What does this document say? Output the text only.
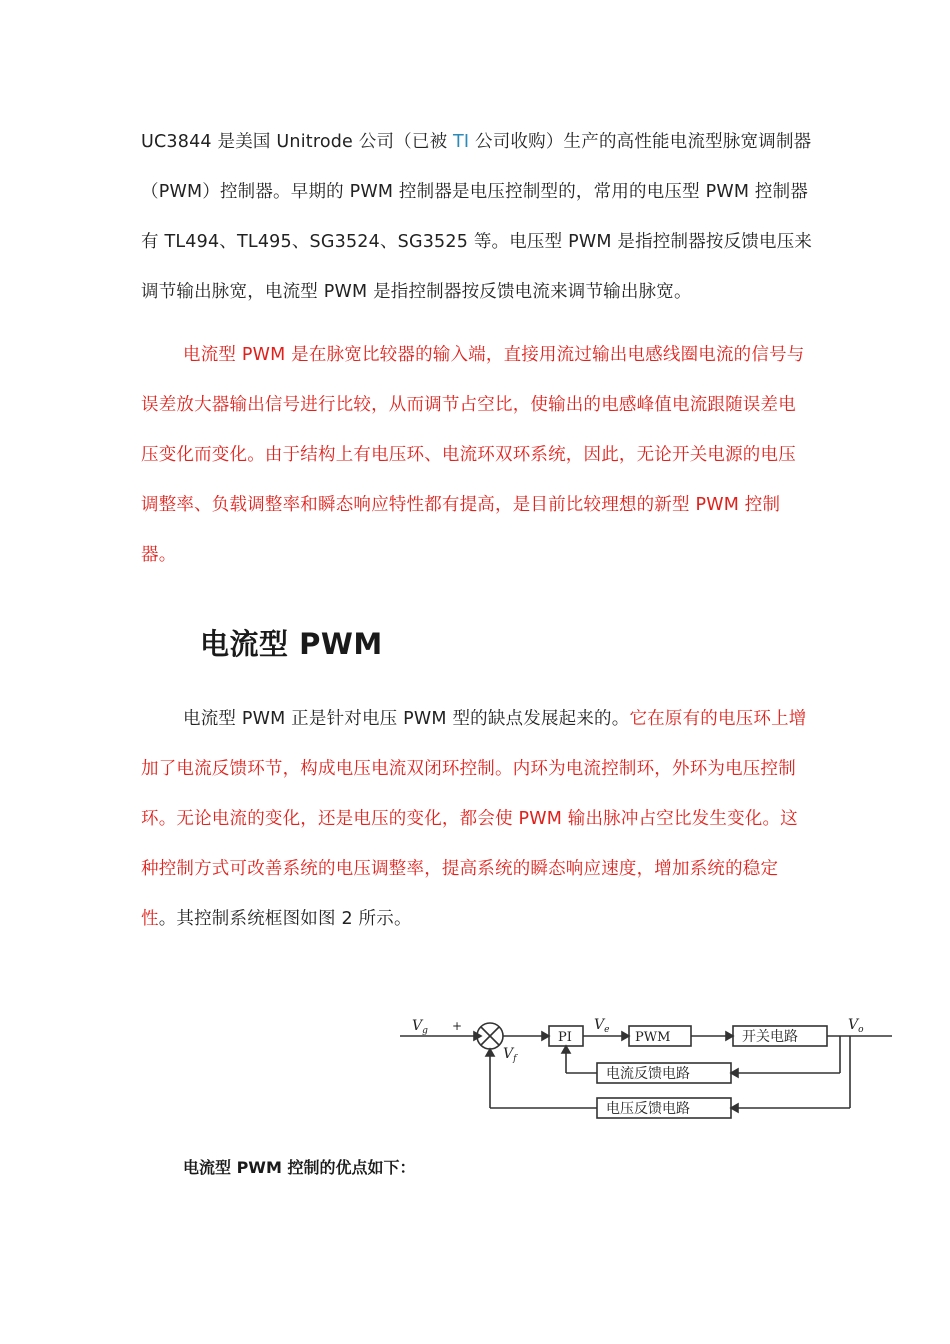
UC3844 是美国 Unitrode 公司（已被 TI 公司收购）生产的高性能电流型脉宽调制器（PWM）控制器。早期的 PWM 控制器是电压控制型的，常用的电压型 PWM 控制器有 TL494、TL495、SG3524、SG3525 等。电压型 PWM 是指控制器按反馈电压来调节输出脉宽，电流型 PWM 是指控制器按反馈电流来调节输出脉宽。

电流型 PWM 是在脉宽比较器的输入端，直接用流过输出电感线圈电流的信号与误差放大器输出信号进行比较，从而调节占空比，使输出的电感峰值电流跟随误差电压变化而变化。由于结构上有电压环、电流环双环系统，因此，无论开关电源的电压调整率、负载调整率和瞬态响应特性都有提高，是目前比较理想的新型 PWM 控制器。

电流型 PWM

电流型 PWM 正是针对电压 PWM 型的缺点发展起来的。它在原有的电压环上增加了电流反馈环节，构成电压电流双闭环控制。内环为电流控制环，外环为电压控制环。无论电流的变化，还是电压的变化，都会使 PWM 输出脉冲占空比发生变化。这种控制方式可改善系统的电压调整率，提高系统的瞬态响应速度，增加系统的稳定性。其控制系统框图如图 2 所示。

$V_g$ +
$V_f$
PI
$V_e$ PWM	开关电路
$V_o$
电流反馈电路
电压反馈电路

电流型 PWM 控制的优点如下：
